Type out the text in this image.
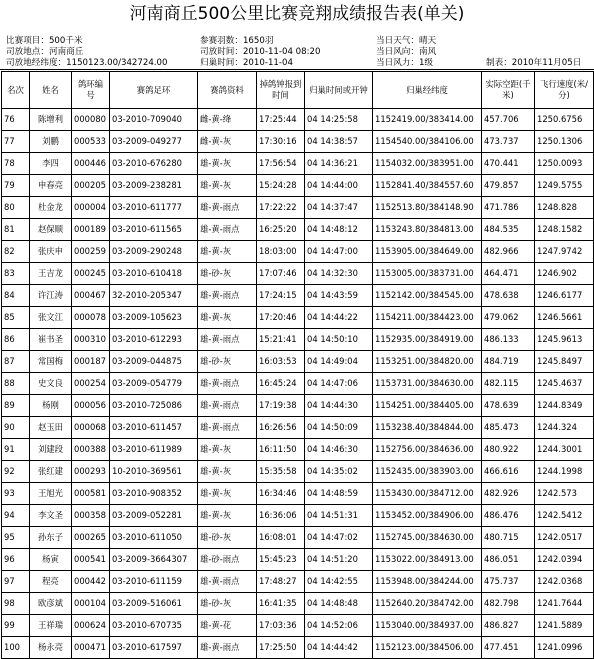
河南商丘500公里比赛竞翔成绩报告表(单关)
比赛项目：500千米	参赛羽数：1650羽	当日天气：晴天
司放地点：河南商丘	司放时间：2010-11-04 08:20	当日风向：南风
司放地经纬度：1150123.00/342724.00	归巢时间：2010-11-04	当日风力：1级	制表：2010年11月05日
名次	姓名	鸽环编号	赛鸽足环	赛鸽资料	掉鸽钟报到时间	归巢时间或开钟	归巢经纬度	实际空距(千米)	飞行速度(米/分)
76	陈增利	000080	03-2010-709040	雌-黄-绛	17:25:44	04 14:25:58	1152419.00/383414.00	457.706	1250.6756
77	刘鹏	000533	03-2009-049277	雌-黄-灰	17:30:16	04 14:38:57	1154540.00/384106.00	473.737	1250.1306
78	李四	000446	03-2010-676280	雄-黄-灰	17:56:54	04 14:36:21	1154032.00/383951.00	470.441	1250.0093
79	申春亮	000205	03-2009-238281	雄-黄-灰	15:24:28	04 14:44:00	1152841.40/384557.60	479.857	1249.5755
80	杜金龙	000004	03-2010-611777	雄-黄-雨点	17:22:22	04 14:37:47	1152513.80/384148.90	471.786	1248.828
81	赵保顺	000189	03-2010-611565	雄-黄-雨点	16:25:20	04 14:48:12	1153243.80/384813.00	484.535	1248.1582
82	张庆申	000259	03-2009-290248	雄-黄-灰	18:03:00	04 14:47:00	1153905.00/384649.00	482.966	1247.9742
83	王吉龙	000245	03-2010-610418	雄-砂-灰	17:07:46	04 14:32:30	1153005.00/383731.00	464.471	1246.902
84	许江涛	000467	32-2010-205347	雄-黄-雨点	17:24:15	04 14:43:59	1152142.00/384545.00	478.638	1246.6177
85	张文江	000078	03-2009-105623	雄-黄-灰	17:20:46	04 14:44:22	1154211.00/384423.00	479.062	1246.5661
86	崔书圣	000310	03-2010-612293	雄-黄-雨点	15:21:41	04 14:50:10	1152935.00/384919.00	486.133	1245.9613
87	常国梅	000187	03-2009-044875	雄-砂-灰	16:03:53	04 14:49:04	1153251.00/384820.00	484.719	1245.8497
88	史文良	000254	03-2009-054779	雄-黄-雨点	16:45:24	04 14:47:06	1153731.00/384630.00	482.115	1245.4637
89	杨刚	000056	03-2010-725086	雄-黄-雨点	17:19:38	04 14:44:30	1154251.00/384405.00	478.639	1244.8349
90	赵玉田	000068	03-2010-611457	雄-黄-雨点	16:26:56	04 14:50:09	1153238.40/384844.00	485.473	1244.324
91	刘建段	000388	03-2010-611989	雄-黄-灰	16:11:50	04 14:46:30	1152756.00/384636.00	480.922	1244.3001
92	张红建	000293	10-2010-369561	雄-黄-灰	15:35:58	04 14:35:02	1152435.00/383903.00	466.616	1244.1998
93	王旭光	000581	03-2010-908352	雄-黄-灰	16:34:46	04 14:48:59	1153430.00/384712.00	482.926	1242.573
94	李文圣	000358	03-2009-052281	雄-黄-灰	16:36:06	04 14:51:31	1153452.00/384906.00	486.476	1242.5412
95	孙东子	000265	03-2010-611050	雄-砂-灰	16:08:01	04 14:47:02	1152745.00/384630.00	480.715	1242.0517
96	杨寅	000541	03-2009-3664307	雄-砂-雨点	15:45:23	04 14:51:20	1153022.00/384913.00	486.051	1242.0394
97	程亮	000442	03-2010-611159	雄-黄-雨点	17:48:27	04 14:42:55	1153948.00/384244.00	475.737	1242.0368
98	欧彦斌	000104	03-2009-516061	雄-砂-灰	16:41:35	04 14:48:48	1152640.20/384742.00	482.798	1241.7644
99	王祥瑞	000624	03-2010-670735	雄-黄-花	17:03:36	04 14:52:06	1153040.00/384937.00	486.827	1241.5889
100	杨永亮	000471	03-2010-617597	雄-黄-雨点	17:25:50	04 14:44:42	1152123.00/384506.00	477.451	1241.0996
